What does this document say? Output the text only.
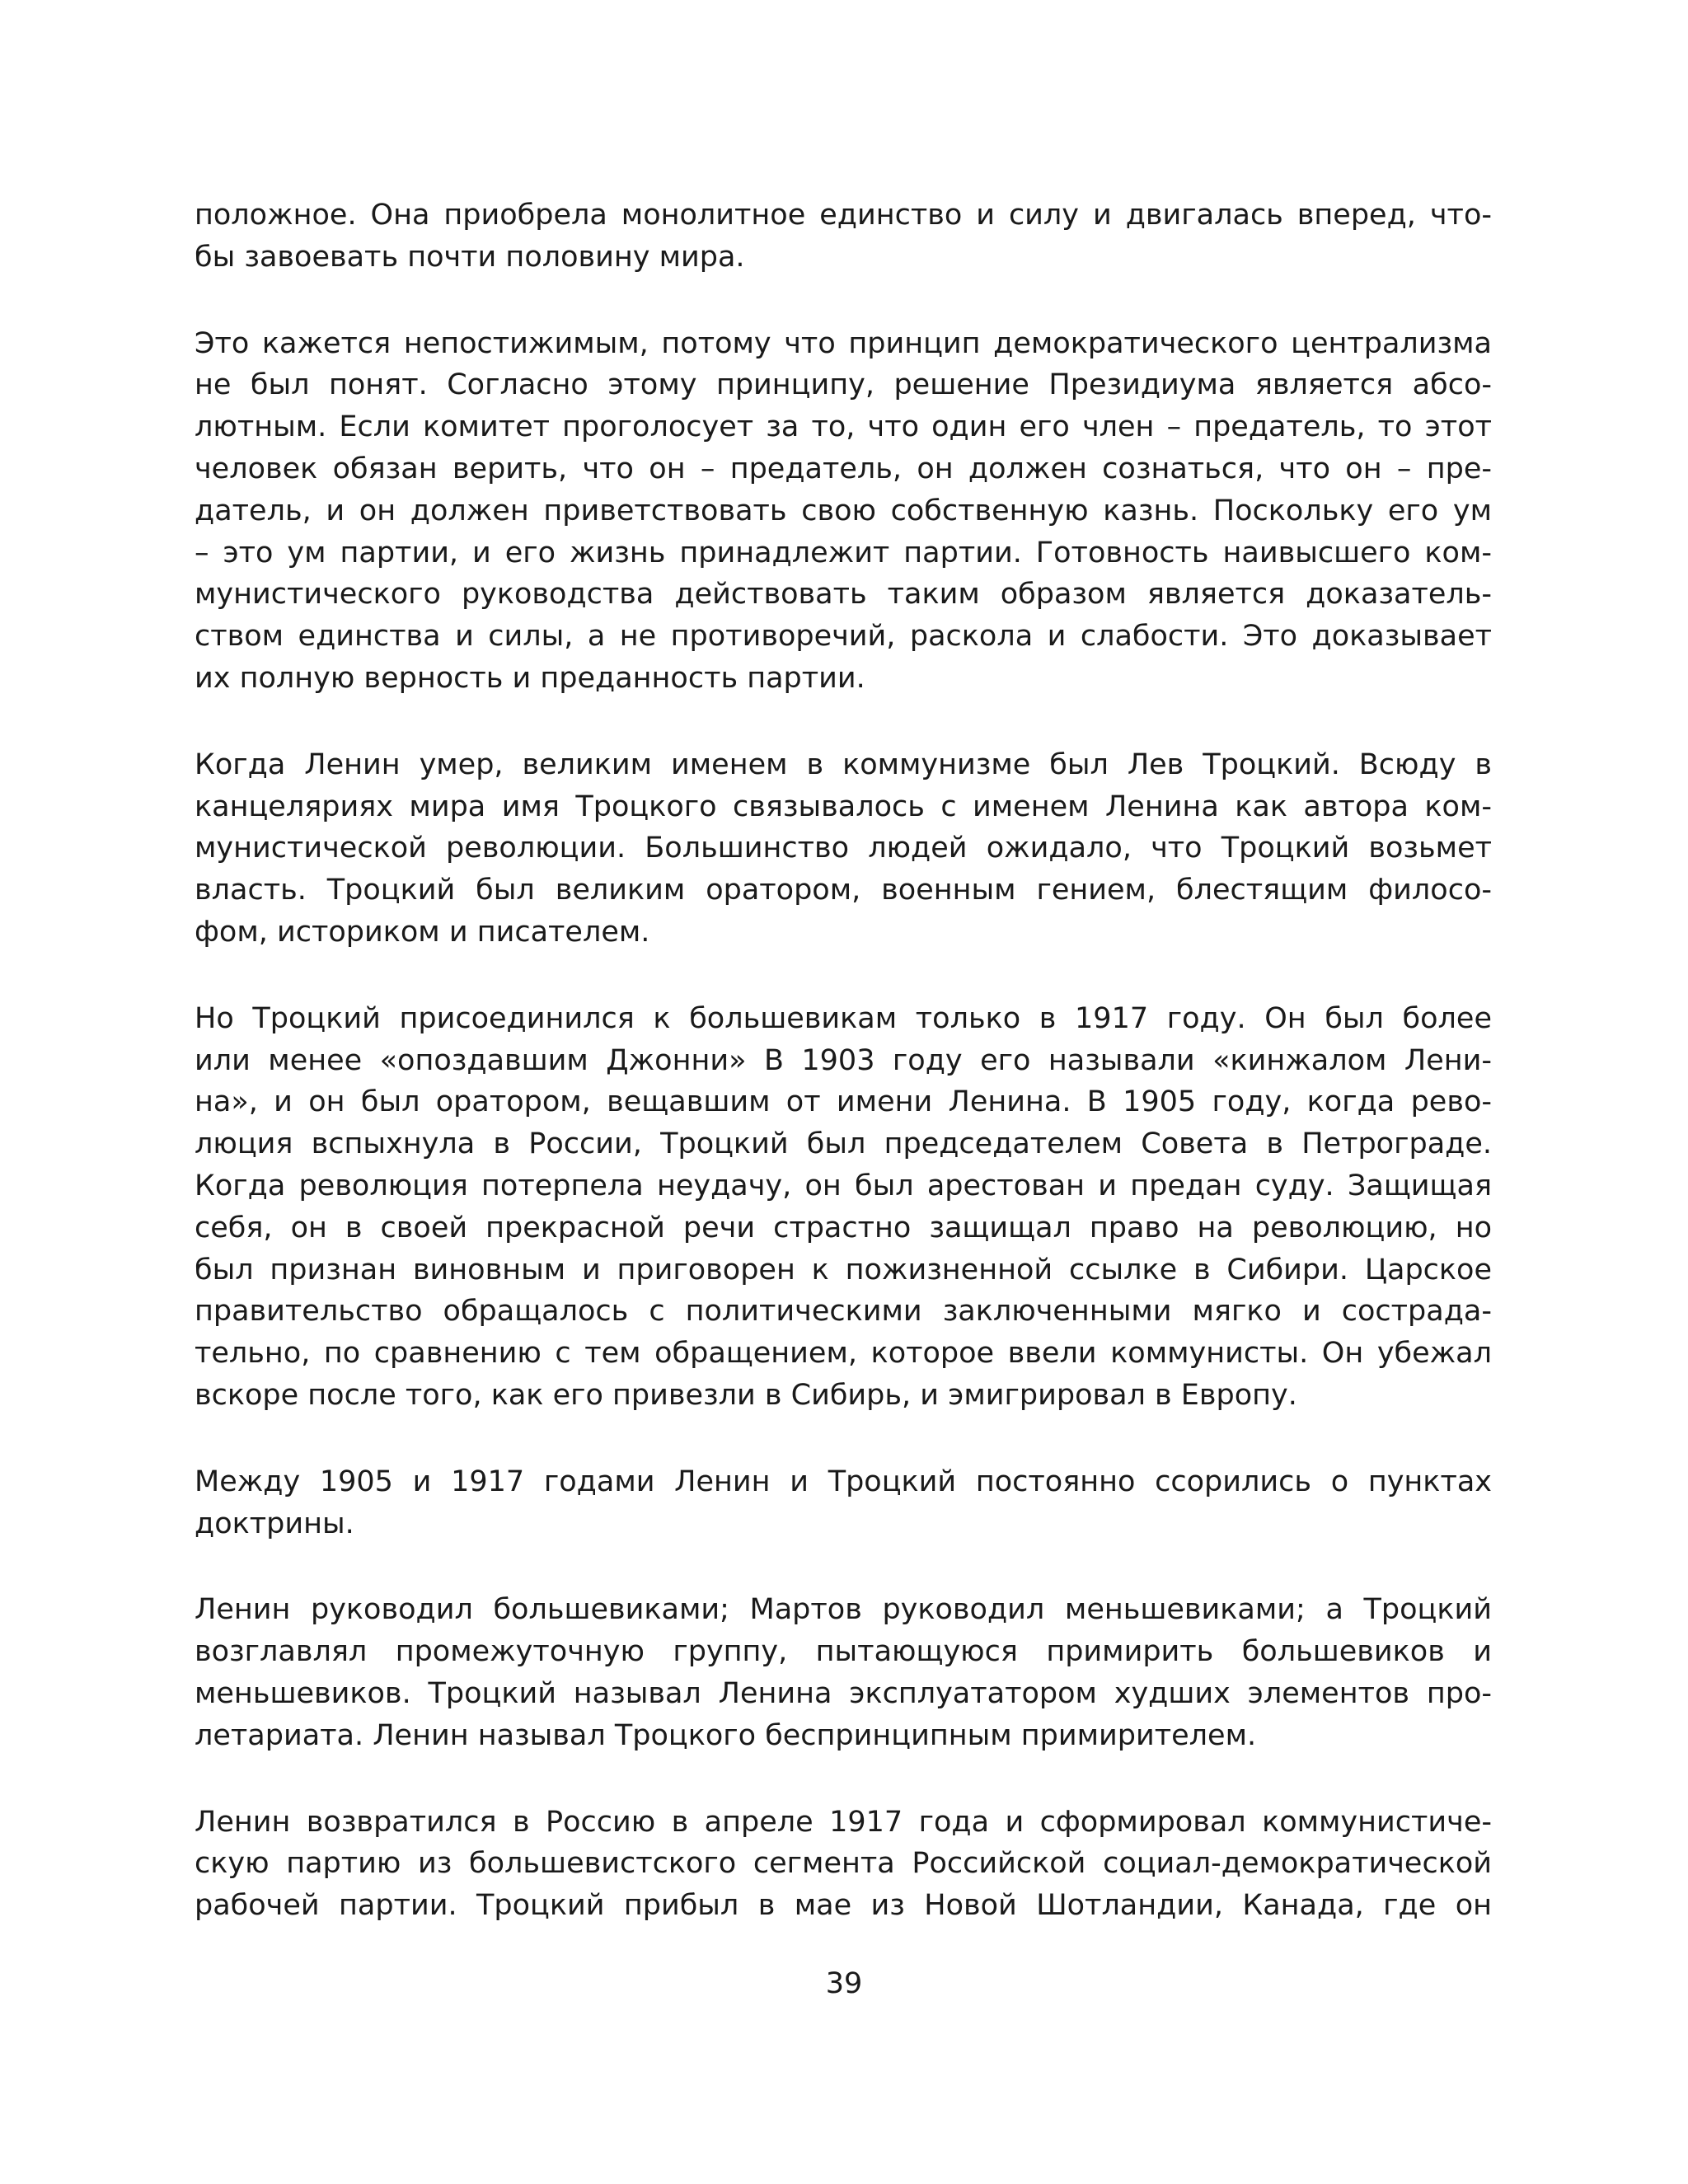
положное. Она приобрела монолитное единство и силу и двигалась вперед, что-
бы завоевать почти половину мира.

Это кажется непостижимым, потому что принцип демократического централизма
не был понят. Согласно этому принципу, решение Президиума является абсо-
лютным. Если комитет проголосует за то, что один его член – предатель, то этот
человек обязан верить, что он – предатель, он должен сознаться, что он – пре-
датель, и он должен приветствовать свою собственную казнь. Поскольку его ум
– это ум партии, и его жизнь принадлежит партии. Готовность наивысшего ком-
мунистического руководства действовать таким образом является доказатель-
ством единства и силы, а не противоречий, раскола и слабости. Это доказывает
их полную верность и преданность партии.

Когда Ленин умер, великим именем в коммунизме был Лев Троцкий. Всюду в
канцеляриях мира имя Троцкого связывалось с именем Ленина как автора ком-
мунистической революции. Большинство людей ожидало, что Троцкий возьмет
власть. Троцкий был великим оратором, военным гением, блестящим филосо-
фом, историком и писателем.

Но Троцкий присоединился к большевикам только в 1917 году. Он был более
или менее «опоздавшим Джонни» В 1903 году его называли «кинжалом Лени-
на», и он был оратором, вещавшим от имени Ленина. В 1905 году, когда рево-
люция вспыхнула в России, Троцкий был председателем Совета в Петрограде.
Когда революция потерпела неудачу, он был арестован и предан суду. Защищая
себя, он в своей прекрасной речи страстно защищал право на революцию, но
был признан виновным и приговорен к пожизненной ссылке в Сибири. Царское
правительство обращалось с политическими заключенными мягко и сострада-
тельно, по сравнению с тем обращением, которое ввели коммунисты. Он убежал
вскоре после того, как его привезли в Сибирь, и эмигрировал в Европу.

Между 1905 и 1917 годами Ленин и Троцкий постоянно ссорились о пунктах
доктрины.

Ленин руководил большевиками; Мартов руководил меньшевиками; а Троцкий
возглавлял промежуточную группу, пытающуюся примирить большевиков и
меньшевиков. Троцкий называл Ленина эксплуататором худших элементов про-
летариата. Ленин называл Троцкого беспринципным примирителем.

Ленин возвратился в Россию в апреле 1917 года и сформировал коммунистиче-
скую партию из большевистского сегмента Российской социал-демократической
рабочей партии. Троцкий прибыл в мае из Новой Шотландии, Канада, где он

39
